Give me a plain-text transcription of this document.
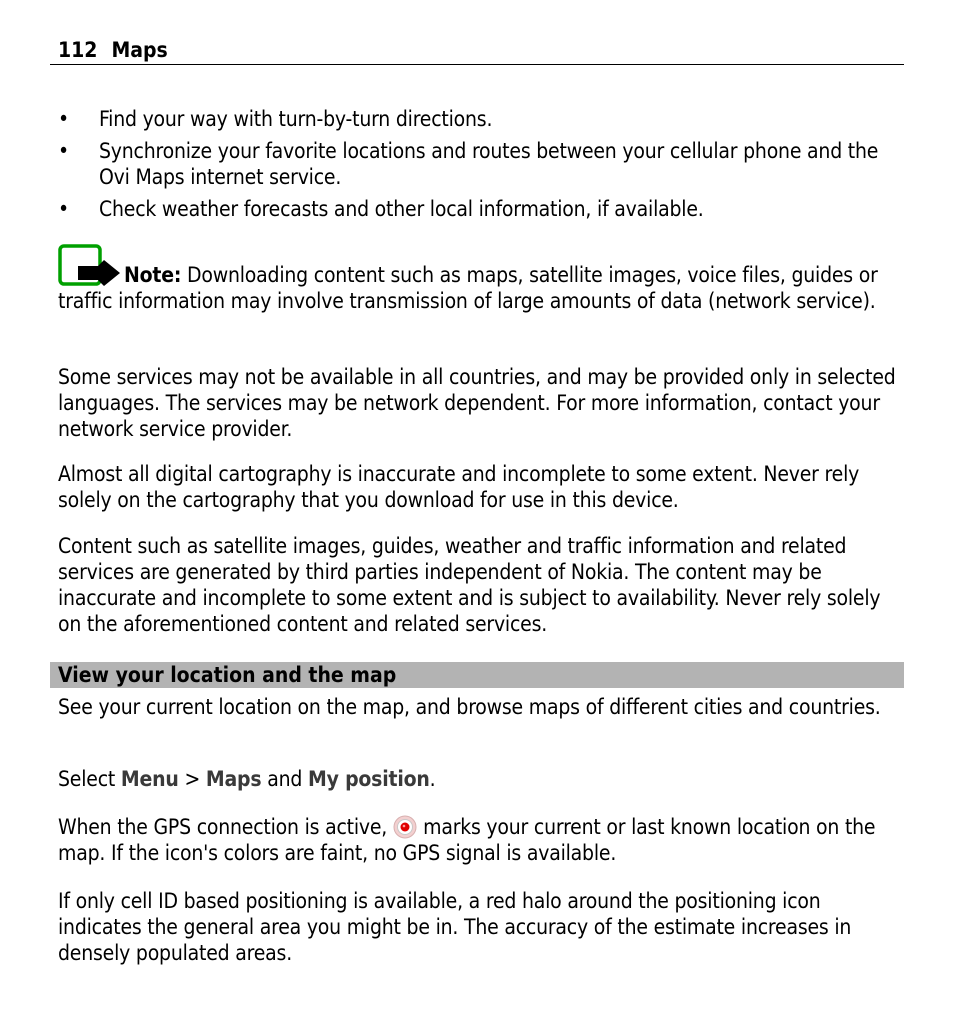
112 Maps
• Find your way with turn-by-turn directions.
• Synchronize your favorite locations and routes between your cellular phone and the Ovi Maps internet service.
• Check weather forecasts and other local information, if available.
Note: Downloading content such as maps, satellite images, voice files, guides or traffic information may involve transmission of large amounts of data (network service).

Some services may not be available in all countries, and may be provided only in selected languages. The services may be network dependent. For more information, contact your network service provider.

Almost all digital cartography is inaccurate and incomplete to some extent. Never rely solely on the cartography that you download for use in this device.

Content such as satellite images, guides, weather and traffic information and related services are generated by third parties independent of Nokia. The content may be inaccurate and incomplete to some extent and is subject to availability. Never rely solely on the aforementioned content and related services.

View your location and the map

See your current location on the map, and browse maps of different cities and countries.

Select Menu > Maps and My position.

When the GPS connection is active, marks your current or last known location on the map. If the icon's colors are faint, no GPS signal is available.

If only cell ID based positioning is available, a red halo around the positioning icon indicates the general area you might be in. The accuracy of the estimate increases in densely populated areas.
